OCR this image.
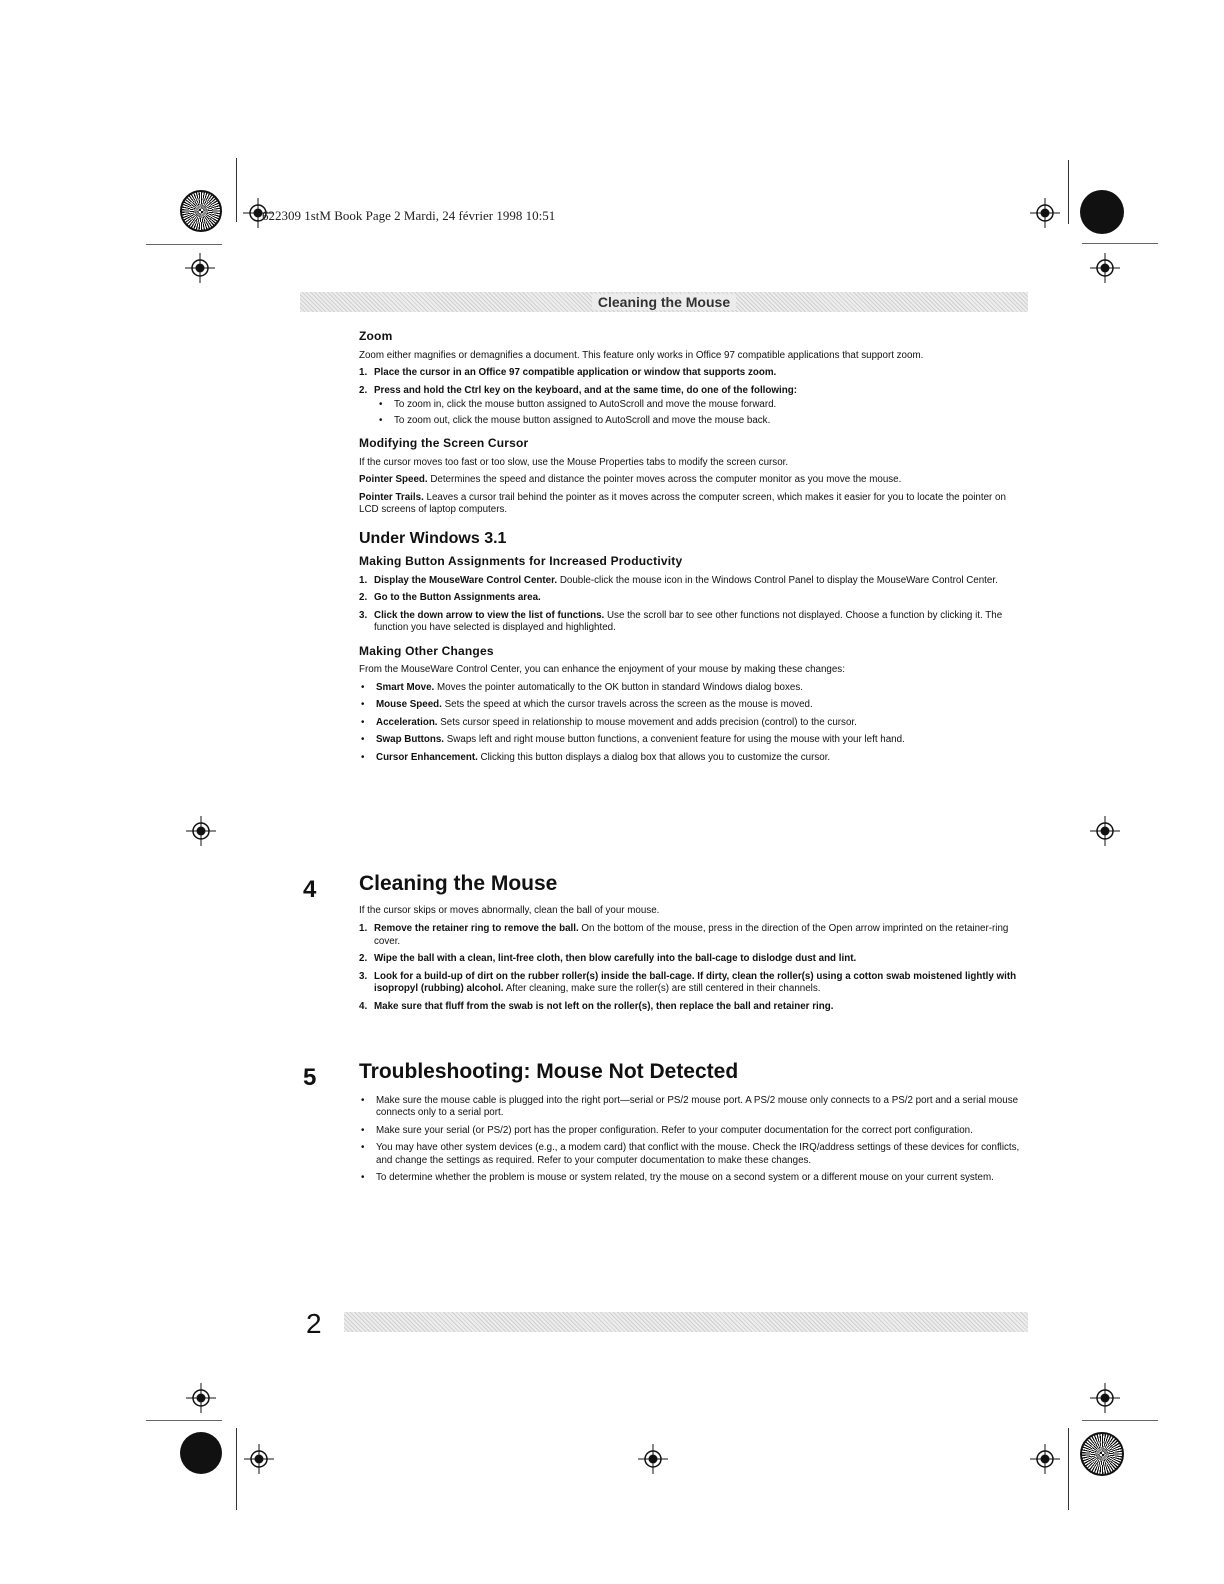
622309 1stM Book Page 2 Mardi, 24 février 1998 10:51
Cleaning the Mouse
Zoom

Zoom either magnifies or demagnifies a document. This feature only works in Office 97 compatible applications that support zoom.

1. Place the cursor in an Office 97 compatible application or window that supports zoom.
2. Press and hold the Ctrl key on the keyboard, and at the same time, do one of the following:
• To zoom in, click the mouse button assigned to AutoScroll and move the mouse forward.
• To zoom out, click the mouse button assigned to AutoScroll and move the mouse back.
Modifying the Screen Cursor

If the cursor moves too fast or too slow, use the Mouse Properties tabs to modify the screen cursor.

Pointer Speed. Determines the speed and distance the pointer moves across the computer monitor as you move the mouse.

Pointer Trails. Leaves a cursor trail behind the pointer as it moves across the computer screen, which makes it easier for you to locate the pointer on LCD screens of laptop computers.

Under Windows 3.1
Making Button Assignments for Increased Productivity
1. Display the MouseWare Control Center. Double-click the mouse icon in the Windows Control Panel to display the MouseWare Control Center.
2. Go to the Button Assignments area.
3. Click the down arrow to view the list of functions. Use the scroll bar to see other functions not displayed. Choose a function by clicking it. The function you have selected is displayed and highlighted.
Making Other Changes

From the MouseWare Control Center, you can enhance the enjoyment of your mouse by making these changes:

• Smart Move. Moves the pointer automatically to the OK button in standard Windows dialog boxes.
• Mouse Speed. Sets the speed at which the cursor travels across the screen as the mouse is moved.
• Acceleration. Sets cursor speed in relationship to mouse movement and adds precision (control) to the cursor.
• Swap Buttons. Swaps left and right mouse button functions, a convenient feature for using the mouse with your left hand.
• Cursor Enhancement. Clicking this button displays a dialog box that allows you to customize the cursor.
4 Cleaning the Mouse

If the cursor skips or moves abnormally, clean the ball of your mouse.

1. Remove the retainer ring to remove the ball. On the bottom of the mouse, press in the direction of the Open arrow imprinted on the retainer-ring cover.
2. Wipe the ball with a clean, lint-free cloth, then blow carefully into the ball-cage to dislodge dust and lint.
3. Look for a build-up of dirt on the rubber roller(s) inside the ball-cage. If dirty, clean the roller(s) using a cotton swab moistened lightly with isopropyl (rubbing) alcohol. After cleaning, make sure the roller(s) are still centered in their channels.
4. Make sure that fluff from the swab is not left on the roller(s), then replace the ball and retainer ring.
5 Troubleshooting: Mouse Not Detected
• Make sure the mouse cable is plugged into the right port—serial or PS/2 mouse port. A PS/2 mouse only connects to a PS/2 port and a serial mouse connects only to a serial port.
• Make sure your serial (or PS/2) port has the proper configuration. Refer to your computer documentation for the correct port configuration.
• You may have other system devices (e.g., a modem card) that conflict with the mouse. Check the IRQ/address settings of these devices for conflicts, and change the settings as required. Refer to your computer documentation to make these changes.
• To determine whether the problem is mouse or system related, try the mouse on a second system or a different mouse on your current system.
2
